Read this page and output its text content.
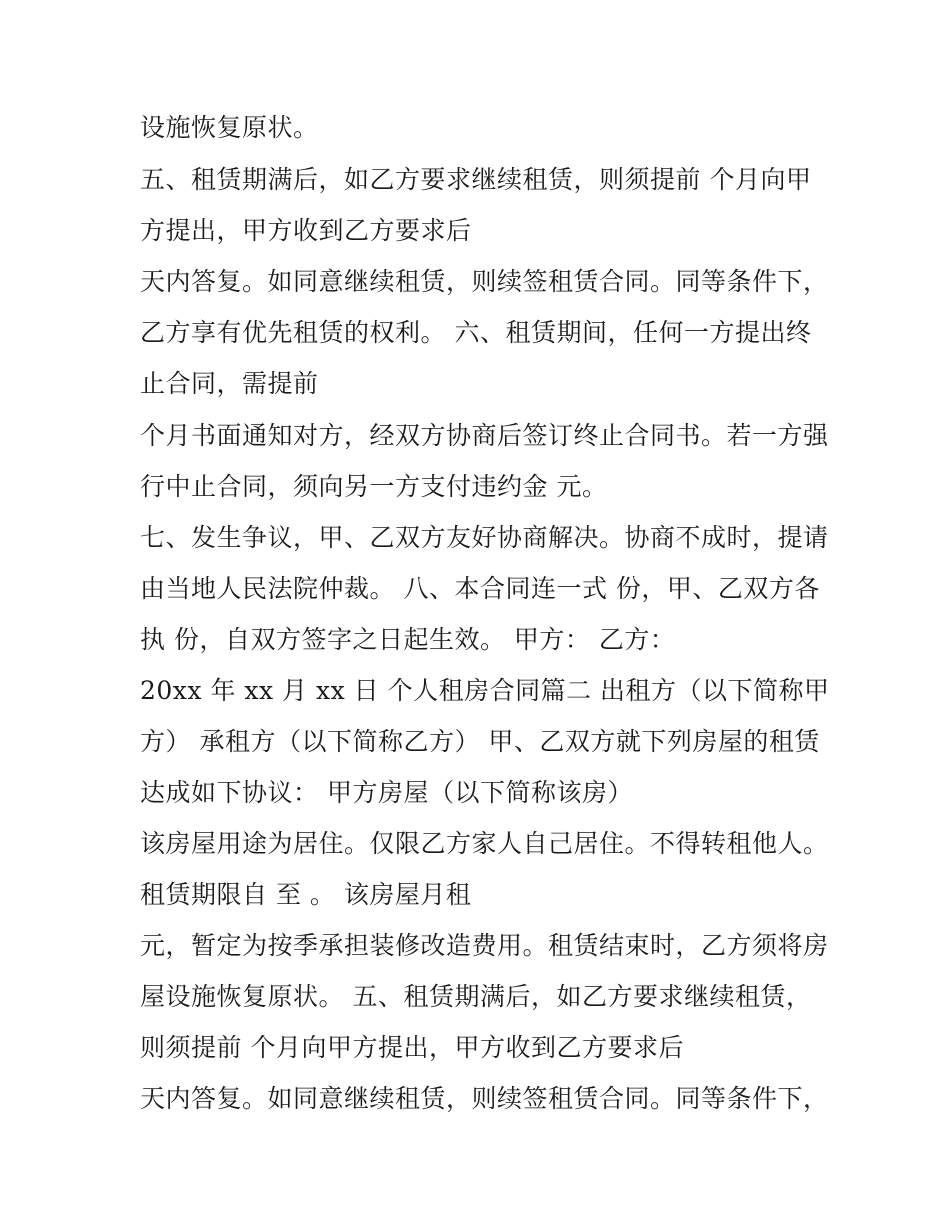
设施恢复原状。
五、租赁期满后，如乙方要求继续租赁，则须提前 个月向甲
方提出，甲方收到乙方要求后
天内答复。如同意继续租赁，则续签租赁合同。同等条件下，
乙方享有优先租赁的权利。 六、租赁期间，任何一方提出终
止合同，需提前
个月书面通知对方，经双方协商后签订终止合同书。若一方强
行中止合同，须向另一方支付违约金 元。
七、发生争议，甲、乙双方友好协商解决。协商不成时，提请
由当地人民法院仲裁。 八、本合同连一式 份，甲、乙双方各
执 份，自双方签字之日起生效。 甲方： 乙方：
20xx 年 xx 月 xx 日 个人租房合同篇二 出租方（以下简称甲
方） 承租方（以下简称乙方） 甲、乙双方就下列房屋的租赁
达成如下协议： 甲方房屋（以下简称该房）
该房屋用途为居住。仅限乙方家人自己居住。不得转租他人。
租赁期限自 至 。 该房屋月租
元，暂定为按季承担装修改造费用。租赁结束时，乙方须将房
屋设施恢复原状。 五、租赁期满后，如乙方要求继续租赁，
则须提前 个月向甲方提出，甲方收到乙方要求后
天内答复。如同意继续租赁，则续签租赁合同。同等条件下，
